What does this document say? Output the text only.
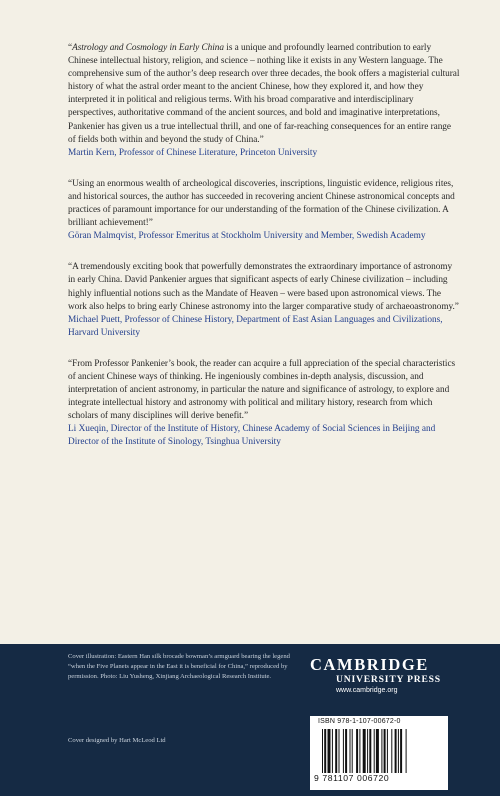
“Astrology and Cosmology in Early China is a unique and profoundly learned contribution to early Chinese intellectual history, religion, and science – nothing like it exists in any Western language. The comprehensive sum of the author’s deep research over three decades, the book offers a magisterial cultural history of what the astral order meant to the ancient Chinese, how they explored it, and how they interpreted it in political and religious terms. With his broad comparative and interdisciplinary perspectives, authoritative command of the ancient sources, and bold and imaginative interpretations, Pankenier has given us a true intellectual thrill, and one of far-reaching consequences for an entire range of fields both within and beyond the study of China.”

Martin Kern, Professor of Chinese Literature, Princeton University

“Using an enormous wealth of archeological discoveries, inscriptions, linguistic evidence, religious rites, and historical sources, the author has succeeded in recovering ancient Chinese astronomical concepts and practices of paramount importance for our understanding of the formation of the Chinese civilization. A brilliant achievement!”

Göran Malmqvist, Professor Emeritus at Stockholm University and Member, Swedish Academy

“A tremendously exciting book that powerfully demonstrates the extraordinary importance of astronomy in early China. David Pankenier argues that significant aspects of early Chinese civilization – including highly influential notions such as the Mandate of Heaven – were based upon astronomical views. The work also helps to bring early Chinese astronomy into the larger comparative study of archaeoastronomy.”

Michael Puett, Professor of Chinese History, Department of East Asian Languages and Civilizations, Harvard University

“From Professor Pankenier’s book, the reader can acquire a full appreciation of the special characteristics of ancient Chinese ways of thinking. He ingeniously combines in-depth analysis, discussion, and interpretation of ancient astronomy, in particular the nature and significance of astrology, to explore and integrate intellectual history and astronomy with political and military history, research from which scholars of many disciplines will derive benefit.”

Li Xueqin, Director of the Institute of History, Chinese Academy of Social Sciences in Beijing and Director of the Institute of Sinology, Tsinghua University

Cover illustration: Eastern Han silk brocade bowman’s armguard bearing the legend “when the Five Planets appear in the East it is beneficial for China,” reproduced by permission. Photo: Liu Yusheng, Xinjiang Archaeological Research Institute.
Cover designed by Hart McLeod Ltd
CAMBRIDGE
UNIVERSITY PRESS
www.cambridge.org
ISBN 978-1-107-00672-0
9 781107 006720
